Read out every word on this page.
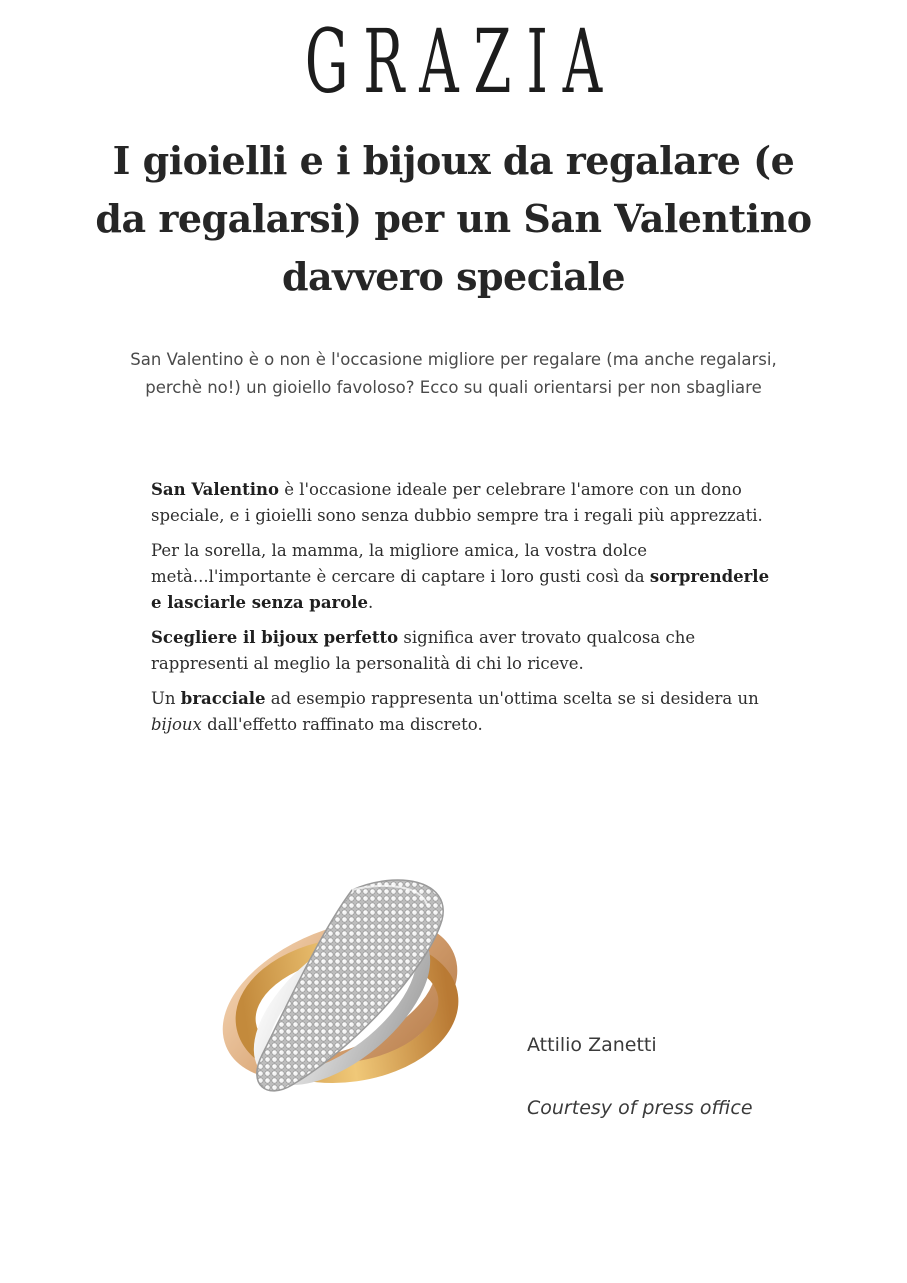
GRAZIA
I gioielli e i bijoux da regalare (e da regalarsi) per un San Valentino davvero speciale

San Valentino è o non è l'occasione migliore per regalare (ma anche regalarsi, perchè no!) un gioiello favoloso? Ecco su quali orientarsi per non sbagliare

San Valentino è l'occasione ideale per celebrare l'amore con un dono speciale, e i gioielli sono senza dubbio sempre tra i regali più apprezzati.

Per la sorella, la mamma, la migliore amica, la vostra dolce metà...l'importante è cercare di captare i loro gusti così da sorprenderle e lasciarle senza parole.

Scegliere il bijoux perfetto significa aver trovato qualcosa che rappresenti al meglio la personalità di chi lo riceve.

Un bracciale ad esempio rappresenta un'ottima scelta se si desidera un bijoux dall'effetto raffinato ma discreto.

Attilio Zanetti
Courtesy of press office
